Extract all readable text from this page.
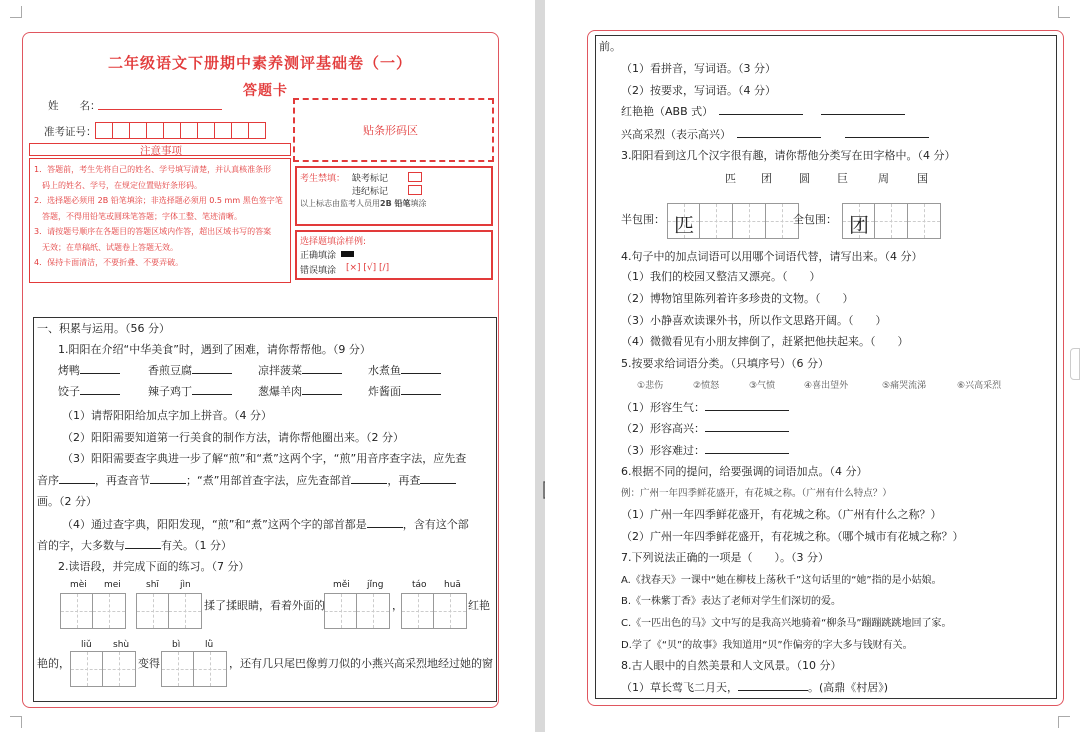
二年级语文下册期中素养测评基础卷（一）
答题卡
姓　　名：
准考证号：	贴条形码区
注意事项
1．答题前，考生先将自己的姓名、学号填写清楚，并认真核准条形
码上的姓名、学号，在规定位置贴好条形码。
2．选择题必须用 2B 铅笔填涂；非选择题必须用 0.5 mm 黑色签字笔
答题，不得用铅笔或圆珠笔答题；字体工整、笔迹清晰。
3．请按题号顺序在各题目的答题区域内作答，超出区域书写的答案
无效；在草稿纸、试题卷上答题无效。
4．保持卡面清洁，不要折叠、不要弄破。
考生禁填： 缺考标记
违纪标记
以上标志由监考人员用2B 铅笔填涂
选择题填涂样例:
正确填涂
错误填涂 [×] [√] [/]
一、积累与运用。（56 分）
1.阳阳在介绍“中华美食”时，遇到了困难，请你帮帮他。（9 分）
烤鸭	香煎豆腐	凉拌菠菜	水煮鱼
饺子	辣子鸡丁	葱爆羊肉	炸酱面
（1）请帮阳阳给加点字加上拼音。（4 分）
（2）阳阳需要知道第一行美食的制作方法，请你帮他圈出来。（2 分）
（3）阳阳需要查字典进一步了解“煎”和“煮”这两个字，“煎”用音序查字法，应先查
音序	，再查音节	；“煮”用部首查字法，应先查部首	，再查
画。（2 分）
（4）通过查字典，阳阳发现，“煎”和“煮”这两个字的部首都是	，含有这个部
首的字，大多数与	有关。（1 分）
2.读语段，并完成下面的练习。（7 分）
mèi mei	shī jìn
揉了揉眼睛，看着外面的
měi jǐng
，
táo huā
红艳
艳的，
liǔ shù
变得
bì	lǜ
，还有几只尾巴像剪刀似的小燕兴高采烈地经过她的窗
前。
（1）看拼音，写词语。（3 分）
（2）按要求，写词语。（4 分）
红艳艳（ABB 式）
兴高采烈（表示高兴）
3.阳阳看到这几个汉字很有趣，请你帮他分类写在田字格中。（4 分）
匹 团 圆 巨	周	国
半包围： 匹	全包围： 团
4.句子中的加点词语可以用哪个词语代替，请写出来。（4 分）
（1）我们的校园又整洁又漂亮。（　　）
（2）博物馆里陈列着许多珍贵的文物。（　　）
（3）小静喜欢读课外书，所以作文思路开阔。（　　）
（4）微微看见有小朋友摔倒了，赶紧把他扶起来。（　　）
5.按要求给词语分类。（只填序号）（6 分）
①悲伤	②愤怒	③气愤	④喜出望外	⑤痛哭流涕	⑥兴高采烈
（1）形容生气：
（2）形容高兴：
（3）形容难过：
6.根据不同的提问，给要强调的词语加点。（4 分）
例：广州一年四季鲜花盛开，有花城之称。（广州有什么特点？）
（1）广州一年四季鲜花盛开，有花城之称。（广州有什么之称？）
（2）广州一年四季鲜花盛开，有花城之称。（哪个城市有花城之称？）
7.下列说法正确的一项是（　　）。（3 分）
A.《找春天》一课中“她在柳枝上荡秋千”这句话里的“她”指的是小姑娘。
B.《一株紫丁香》表达了老师对学生们深切的爱。
C.《一匹出色的马》文中写的是我高兴地骑着“柳条马”蹦蹦跳跳地回了家。
D.学了《“贝”的故事》我知道用“贝”作偏旁的字大多与钱财有关。
8.古人眼中的自然美景和人文风景。（10 分）
（1）草长莺飞二月天，	。(高鼎《村居》)
